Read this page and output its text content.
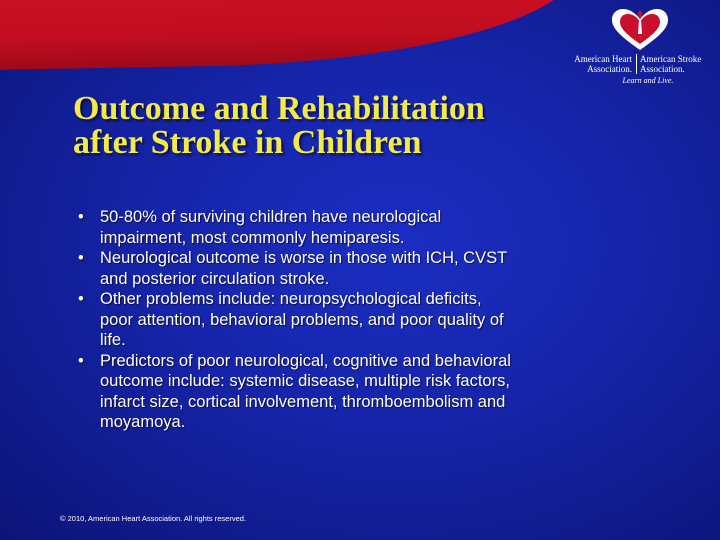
American Heart
Association.
American Stroke
Association.
Learn and Live.
Outcome and Rehabilitation
after Stroke in Children
• 50-80% of surviving children have neurological
impairment, most commonly hemiparesis.
• Neurological outcome is worse in those with ICH, CVST
and posterior circulation stroke.
• Other problems include: neuropsychological deficits,
poor attention, behavioral problems, and poor quality of
life.
• Predictors of poor neurological, cognitive and behavioral
outcome include: systemic disease, multiple risk factors,
infarct size, cortical involvement, thromboembolism and
moyamoya.
© 2010, American Heart Association. All rights reserved.
